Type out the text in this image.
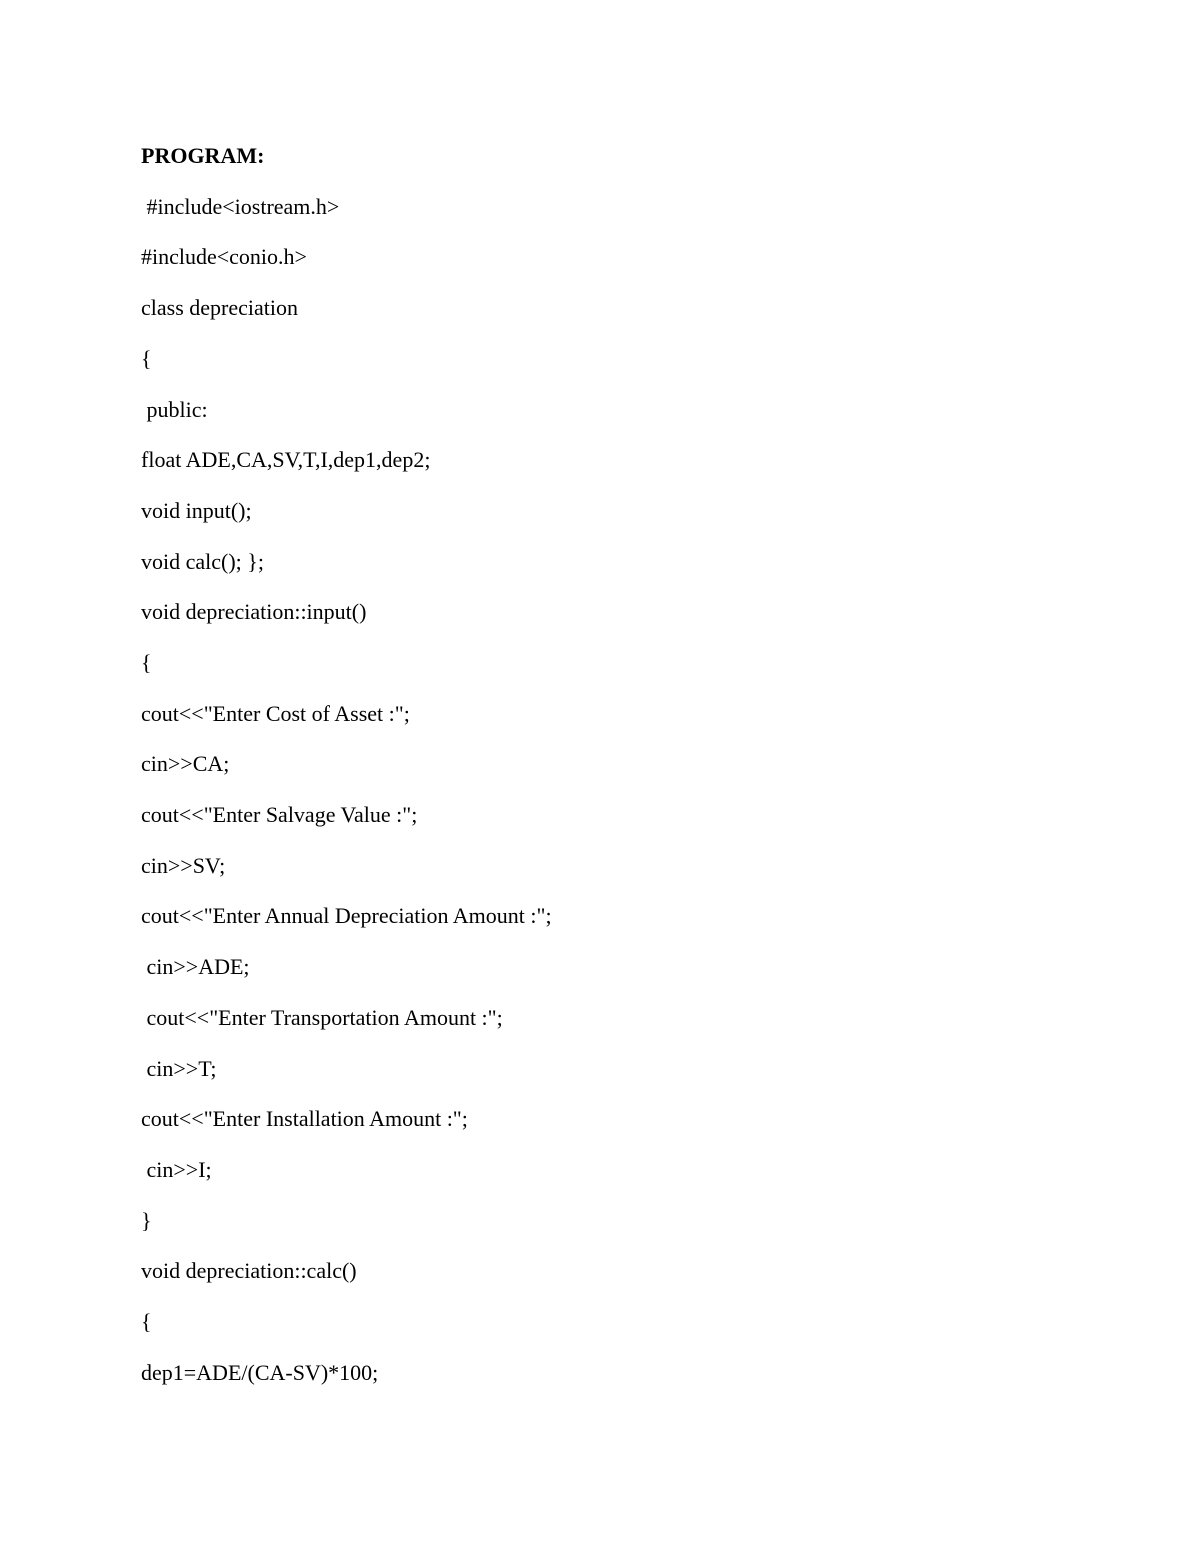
PROGRAM:
#include<iostream.h>
#include<conio.h>
class depreciation
{
public:
float ADE,CA,SV,T,I,dep1,dep2;
void input();
void calc(); };
void depreciation::input()
{
cout<<"Enter Cost of Asset :";
cin>>CA;
cout<<"Enter Salvage Value :";
cin>>SV;
cout<<"Enter Annual Depreciation Amount :";
cin>>ADE;
cout<<"Enter Transportation Amount :";
cin>>T;
cout<<"Enter Installation Amount :";
cin>>I;
}
void depreciation::calc()
{
dep1=ADE/(CA-SV)*100;
